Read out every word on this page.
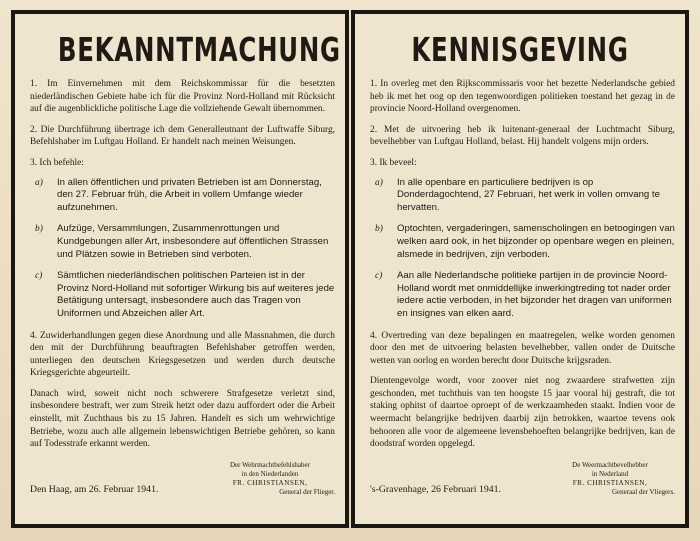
BEKANNTMACHUNG

1. Im Einvernehmen mit dem Reichskommissar für die besetzten niederländischen Gebiete habe ich für die Provinz Nord-Holland mit Rücksicht auf die augenblickliche politische Lage die vollziehende Gewalt übernommen.

2. Die Durchführung übertrage ich dem Generalleutnant der Luftwaffe Siburg, Befehlshaber im Luftgau Holland. Er handelt nach meinen Weisungen.

3. Ich befehle:

a)	In allen öffentlichen und privaten Betrieben ist am Donnerstag, den 27. Februar früh, die Arbeit in vollem Umfange wieder aufzunehmen.
b)	Aufzüge, Versammlungen, Zusammenrottungen und Kundgebungen aller Art, insbesondere auf öffentlichen Strassen und Plätzen sowie in Betrieben sind verboten.
c)	Sämtlichen niederländischen politischen Parteien ist in der Provinz Nord-Holland mit sofortiger Wirkung bis auf weiteres jede Betätigung untersagt, insbesondere auch das Tragen von Uniformen und Abzeichen aller Art.

4. Zuwiderhandlungen gegen diese Anordnung und alle Massnahmen, die durch den mit der Durchführung beauftragten Befehlshaber getroffen werden, unterliegen den deutschen Kriegsgesetzen und werden durch deutsche Kriegsgerichte abgeurteilt.

Danach wird, soweit nicht noch schwerere Strafgesetze verletzt sind, insbesondere bestraft, wer zum Streik hetzt oder dazu auffordert oder die Arbeit einstellt, mit Zuchthaus bis zu 15 Jahren. Handelt es sich um wehrwichtige Betriebe, wozu auch alle allgemein lebenswichtigen Betriebe gehören, so kann auf Todesstrafe erkannt werden.

Den Haag, am 26. Februar 1941.
Der Wehrmachtbefehlshaber
in den Niederlanden
FR. CHRISTIANSEN,
General der Flieger.
KENNISGEVING

1. In overleg met den Rijkscommissaris voor het bezette Nederlandsche gebied heb ik met het oog op den tegenwoordigen politieken toestand het gezag in de provincie Noord-Holland overgenomen.

2. Met de uitvoering heb ik luitenant-generaal der Luchtmacht Siburg, bevelhebber van Luftgau Holland, belast. Hij handelt volgens mijn orders.

3. Ik beveel:

a)	In alle openbare en particuliere bedrijven is op Donderdagochtend, 27 Februari, het werk in vollen omvang te hervatten.
b)	Optochten, vergaderingen, samenscholingen en betoogingen van welken aard ook, in het bijzonder op openbare wegen en pleinen, alsmede in bedrijven, zijn verboden.
c)	Aan alle Nederlandsche politieke partijen in de provincie Noord-Holland wordt met onmiddellijke inwerkingtreding tot nader order iedere actie verboden, in het bijzonder het dragen van uniformen en insignes van elken aard.

4. Overtreding van deze bepalingen en maatregelen, welke worden genomen door den met de uitvoering belasten bevelhebber, vallen onder de Duitsche wetten van oorlog en worden berecht door Duitsche krijgsraden.

Dientengevolge wordt, voor zoover niet nog zwaardere strafwetten zijn geschonden, met tuchthuis van ten hoogste 15 jaar vooral hij gestraft, die tot staking ophitst of daartoe oproept of de werkzaamheden staakt. Indien voor de weermacht belangrijke bedrijven daarbij zijn betrokken, waartoe tevens ook behooren alle voor de algemeene levensbehoeften belangrijke bedrijven, kan de doodstraf worden opgelegd.

's-Gravenhage, 26 Februari 1941.
De Weermachtbevelhebber
in Nederland
FR. CHRISTIANSEN,
Generaal der Vliegers.
